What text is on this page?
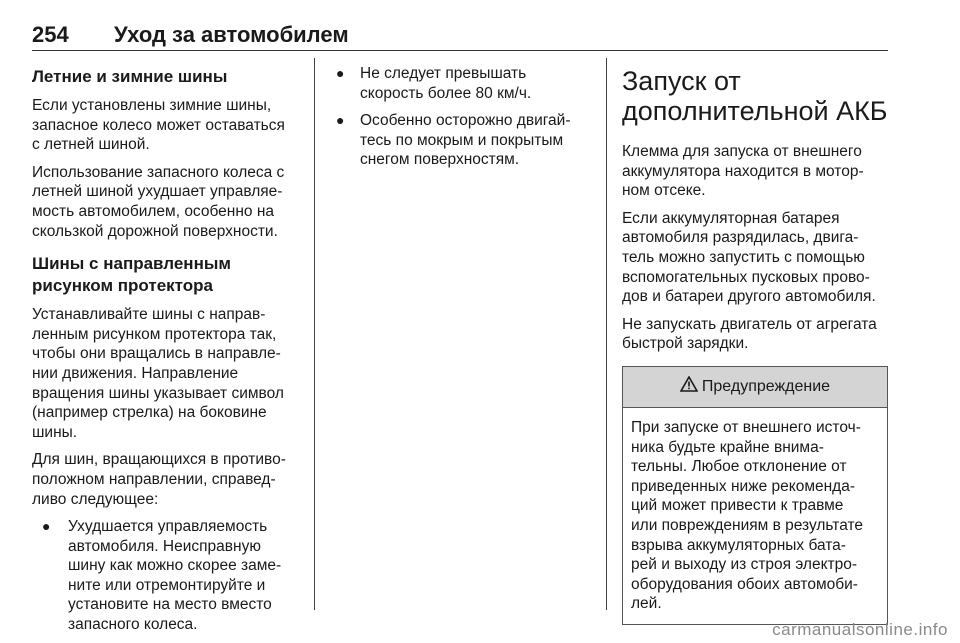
254 Уход за автомобилем
Летние и зимние шины

Если установлены зимние шины,
запасное колесо может оставаться
с летней шиной.

Использование запасного колеса с
летней шиной ухудшает управляе-
мость автомобилем, особенно на
скользкой дорожной поверхности.

Шины с направленным
рисунком протектора

Устанавливайте шины с направ-
ленным рисунком протектора так,
чтобы они вращались в направле-
нии движения. Направление
вращения шины указывает символ
(например стрелка) на боковине
шины.

Для шин, вращающихся в противо-
положном направлении, справед-
ливо следующее:

● Ухудшается управляемость
автомобиля. Неисправную
шину как можно скорее заме-
ните или отремонтируйте и
установите на место вместо
запасного колеса.
● Не следует превышать
скорость более 80 км/ч.
● Особенно осторожно двигай-
тесь по мокрым и покрытым
снегом поверхностям.
Запуск от
дополнительной АКБ

Клемма для запуска от внешнего
аккумулятора находится в мотор-
ном отсеке.

Если аккумуляторная батарея
автомобиля разрядилась, двига-
тель можно запустить с помощью
вспомогательных пусковых прово-
дов и батареи другого автомобиля.

Не запускать двигатель от агрегата
быстрой зарядки.

Предупреждение

При запуске от внешнего источ-
ника будьте крайне внима-
тельны. Любое отклонение от
приведенных ниже рекоменда-
ций может привести к травме
или повреждениям в результате
взрыва аккумуляторных бата-
рей и выходу из строя электро-
оборудования обоих автомоби-
лей.

carmanualsonline.info
